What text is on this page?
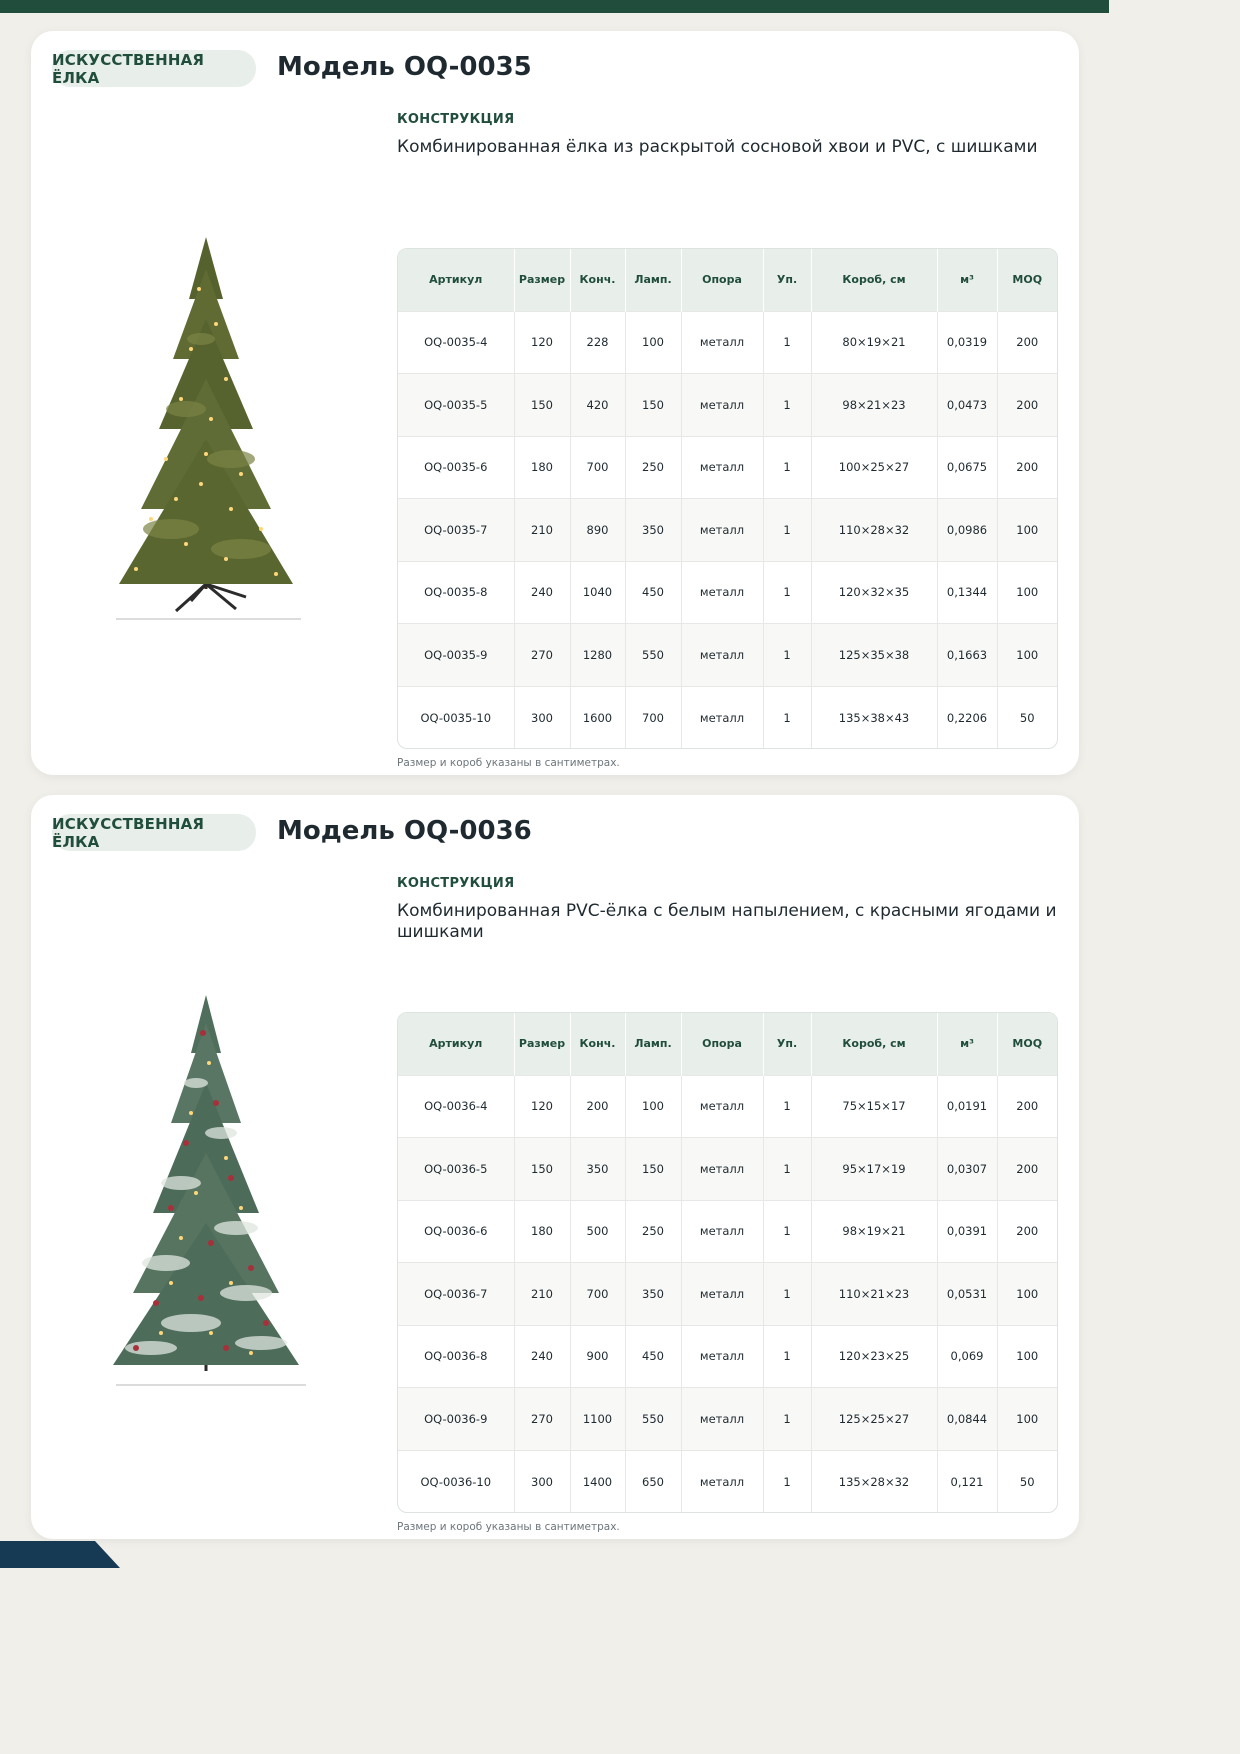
ИСКУССТВЕННАЯ ЁЛКА	Модель OQ-0035
КОНСТРУКЦИЯ

Комбинированная ёлка из раскрытой сосновой хвои и PVC, с шишками

Артикул	Размер	Конч.	Ламп.	Опора	Уп.	Короб, см	м³	MOQ
OQ-0035-4	120	228	100	металл	1	80×19×21	0,0319	200
OQ-0035-5	150	420	150	металл	1	98×21×23	0,0473	200
OQ-0035-6	180	700	250	металл	1	100×25×27	0,0675	200
OQ-0035-7	210	890	350	металл	1	110×28×32	0,0986	100
OQ-0035-8	240	1040	450	металл	1	120×32×35	0,1344	100
OQ-0035-9	270	1280	550	металл	1	125×35×38	0,1663	100
OQ-0035-10	300	1600	700	металл	1	135×38×43	0,2206	50
Размер и короб указаны в сантиметрах.
ИСКУССТВЕННАЯ ЁЛКА	Модель OQ-0036
КОНСТРУКЦИЯ

Комбинированная PVC-ёлка с белым напылением, с красными ягодами и шишками

Артикул	Размер	Конч.	Ламп.	Опора	Уп.	Короб, см	м³	MOQ
OQ-0036-4	120	200	100	металл	1	75×15×17	0,0191	200
OQ-0036-5	150	350	150	металл	1	95×17×19	0,0307	200
OQ-0036-6	180	500	250	металл	1	98×19×21	0,0391	200
OQ-0036-7	210	700	350	металл	1	110×21×23	0,0531	100
OQ-0036-8	240	900	450	металл	1	120×23×25	0,069	100
OQ-0036-9	270	1100	550	металл	1	125×25×27	0,0844	100
OQ-0036-10	300	1400	650	металл	1	135×28×32	0,121	50
Размер и короб указаны в сантиметрах.
